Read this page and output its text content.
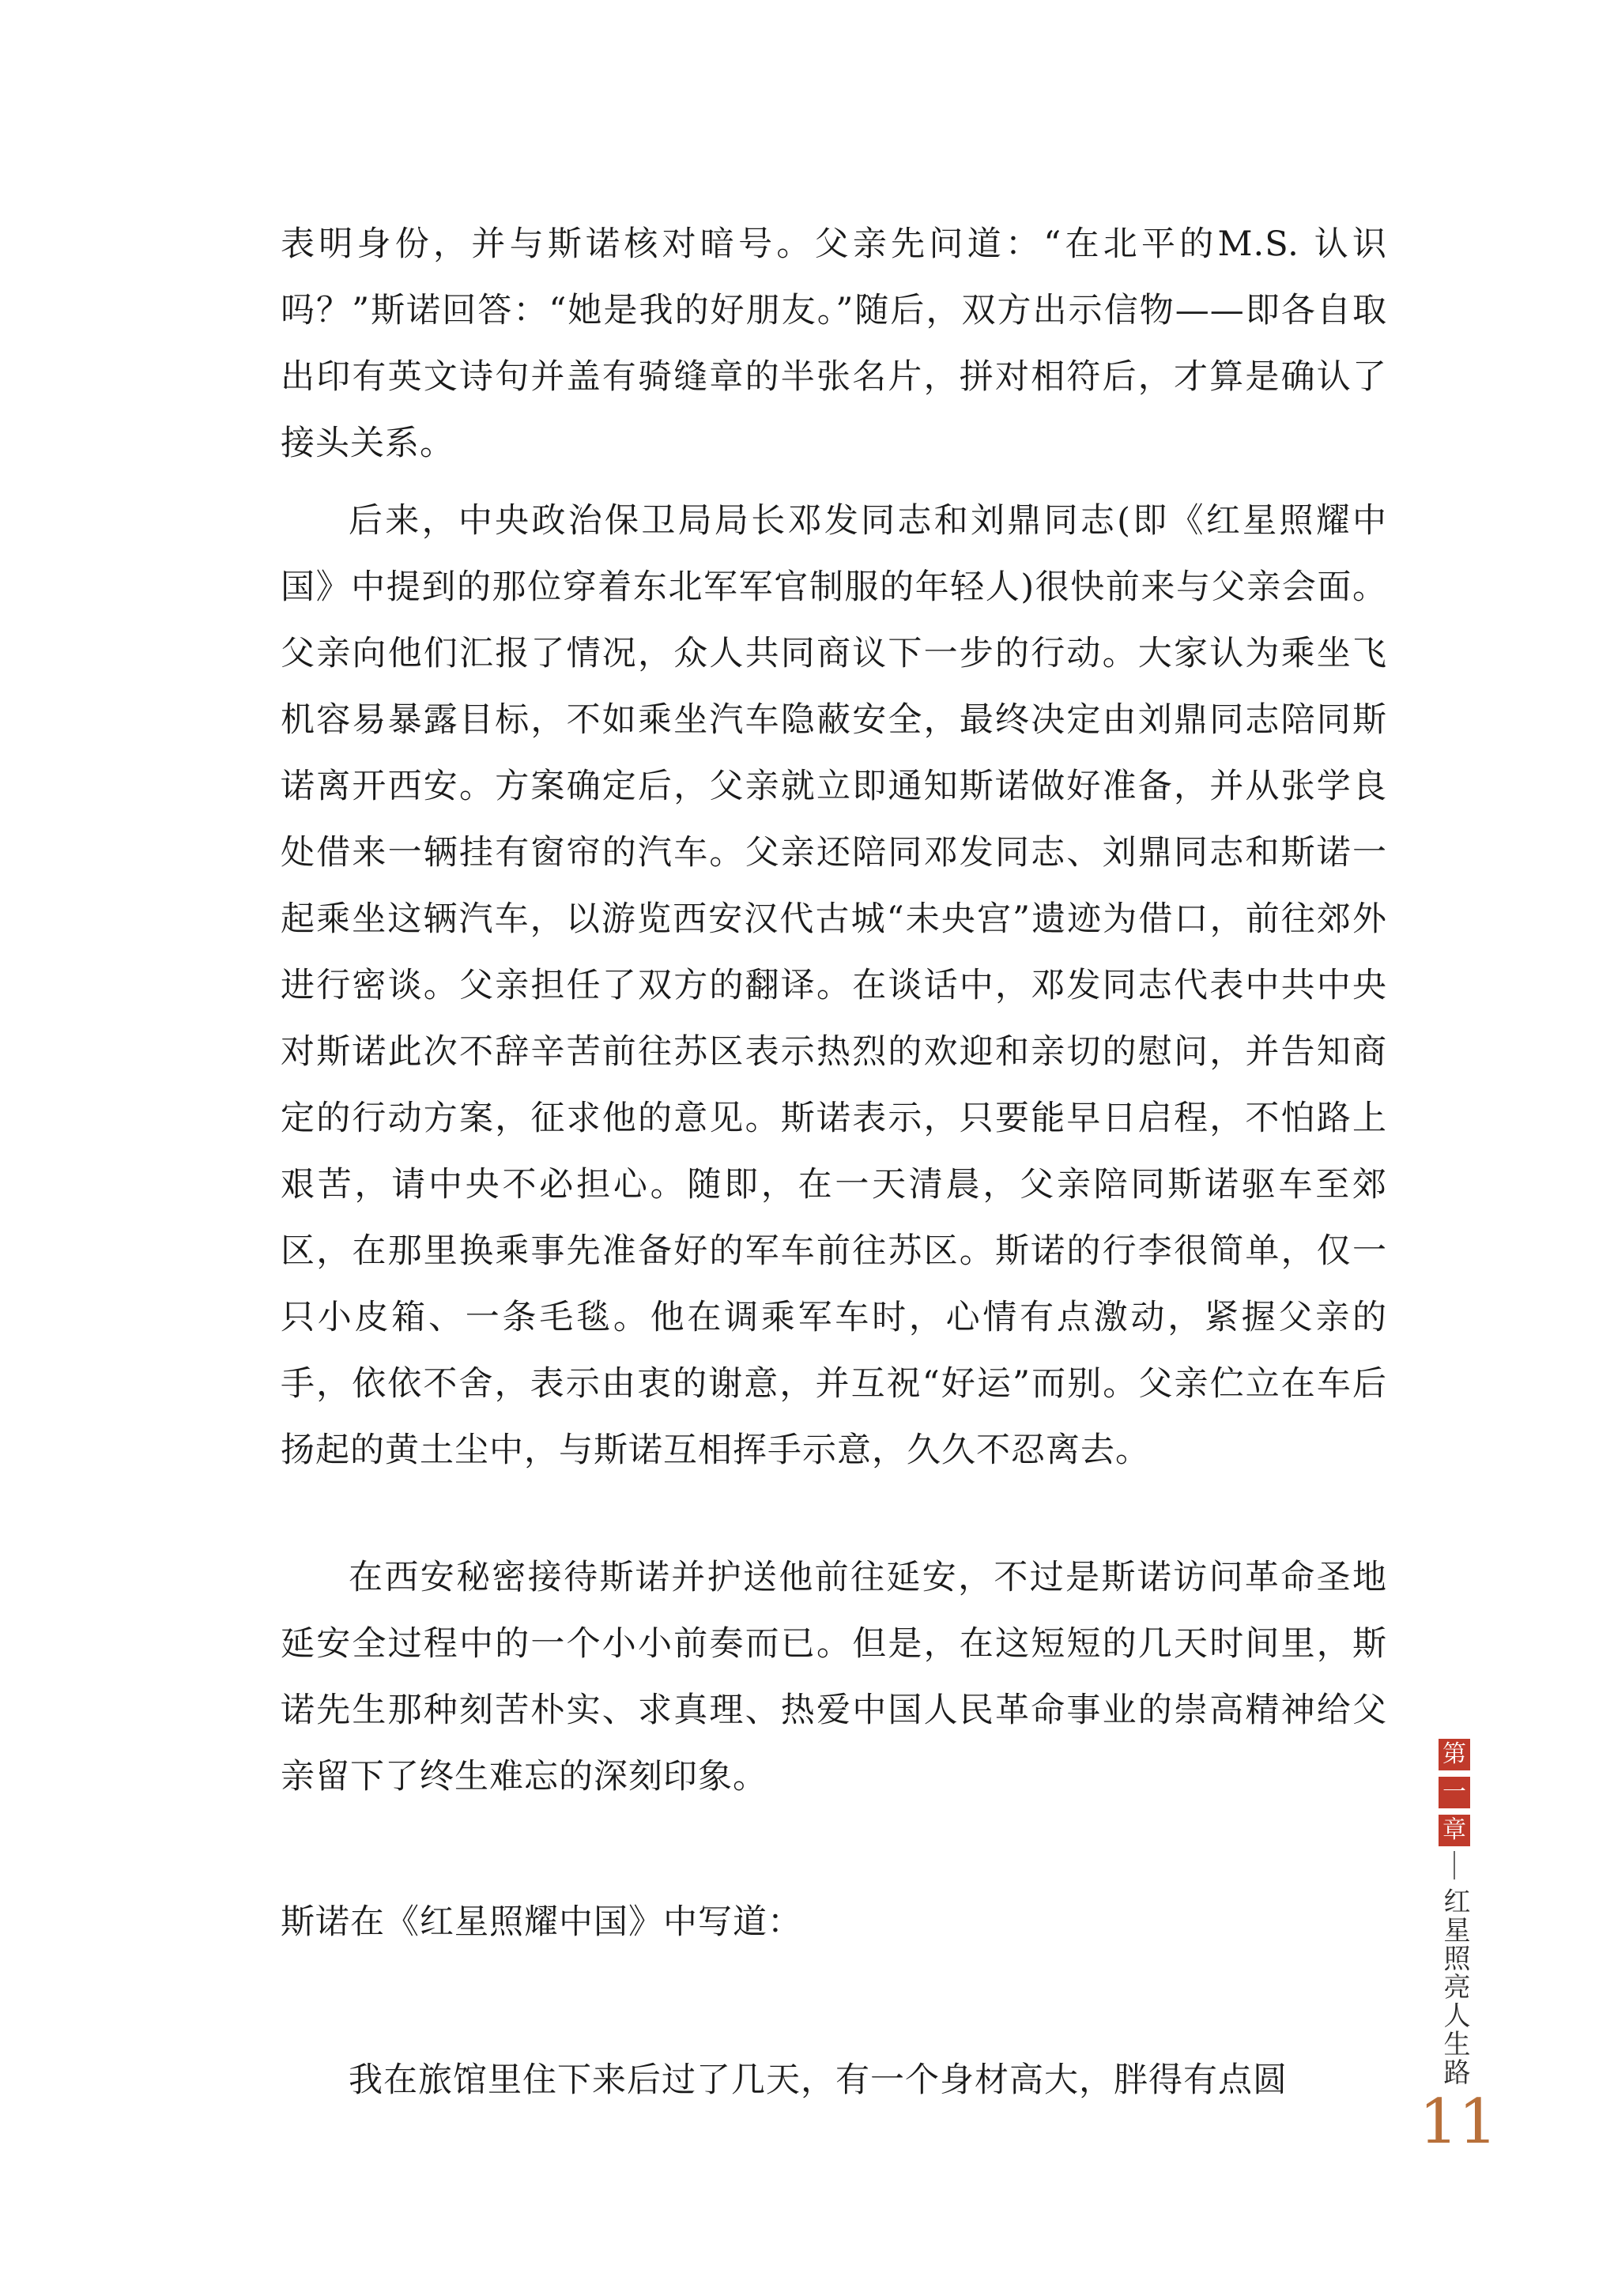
表明身份，并与斯诺核对暗号。父亲先问道：“在北平的M.S. 认识吗？”斯诺回答：“她是我的好朋友。”随后，双方出示信物——即各自取出印有英文诗句并盖有骑缝章的半张名片，拼对相符后，才算是确认了接头关系。

后来，中央政治保卫局局长邓发同志和刘鼎同志(即《红星照耀中国》中提到的那位穿着东北军军官制服的年轻人)很快前来与父亲会面。父亲向他们汇报了情况，众人共同商议下一步的行动。大家认为乘坐飞机容易暴露目标，不如乘坐汽车隐蔽安全，最终决定由刘鼎同志陪同斯诺离开西安。方案确定后，父亲就立即通知斯诺做好准备，并从张学良处借来一辆挂有窗帘的汽车。父亲还陪同邓发同志、刘鼎同志和斯诺一起乘坐这辆汽车，以游览西安汉代古城“未央宫”遗迹为借口，前往郊外进行密谈。父亲担任了双方的翻译。在谈话中，邓发同志代表中共中央对斯诺此次不辞辛苦前往苏区表示热烈的欢迎和亲切的慰问，并告知商定的行动方案，征求他的意见。斯诺表示，只要能早日启程，不怕路上艰苦，请中央不必担心。随即，在一天清晨，父亲陪同斯诺驱车至郊区，在那里换乘事先准备好的军车前往苏区。斯诺的行李很简单，仅一只小皮箱、一条毛毯。他在调乘军车时，心情有点激动，紧握父亲的手，依依不舍，表示由衷的谢意，并互祝“好运”而别。父亲伫立在车后扬起的黄土尘中，与斯诺互相挥手示意，久久不忍离去。

在西安秘密接待斯诺并护送他前往延安，不过是斯诺访问革命圣地延安全过程中的一个小小前奏而已。但是，在这短短的几天时间里，斯诺先生那种刻苦朴实、求真理、热爱中国人民革命事业的崇高精神给父亲留下了终生难忘的深刻印象。

斯诺在《红星照耀中国》中写道：

我在旅馆里住下来后过了几天，有一个身材高大，胖得有点圆

第
一
章
红星照亮人生路
11
